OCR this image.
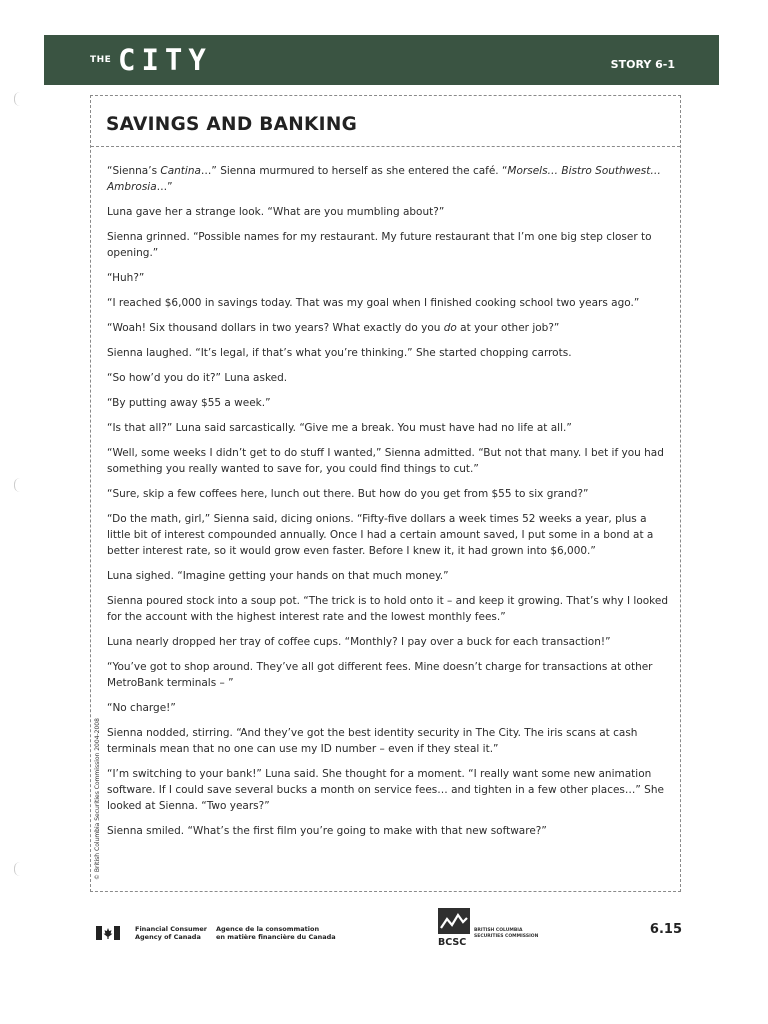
THE CITY	STORY 6-1
SAVINGS AND BANKING

“Sienna’s Cantina…” Sienna murmured to herself as she entered the café. “Morsels… Bistro Southwest… Ambrosia…”

Luna gave her a strange look. “What are you mumbling about?”

Sienna grinned. “Possible names for my restaurant. My future restaurant that I’m one big step closer to opening.”

“Huh?”

“I reached $6,000 in savings today. That was my goal when I finished cooking school two years ago.”

“Woah! Six thousand dollars in two years? What exactly do you do at your other job?”

Sienna laughed. “It’s legal, if that’s what you’re thinking.” She started chopping carrots.

“So how’d you do it?” Luna asked.

“By putting away $55 a week.”

“Is that all?” Luna said sarcastically. “Give me a break. You must have had no life at all.”

“Well, some weeks I didn’t get to do stuff I wanted,” Sienna admitted. “But not that many. I bet if you had something you really wanted to save for, you could find things to cut.”

“Sure, skip a few coffees here, lunch out there. But how do you get from $55 to six grand?”

“Do the math, girl,” Sienna said, dicing onions. “Fifty-five dollars a week times 52 weeks a year, plus a little bit of interest compounded annually. Once I had a certain amount saved, I put some in a bond at a better interest rate, so it would grow even faster. Before I knew it, it had grown into $6,000.”

Luna sighed. “Imagine getting your hands on that much money.”

Sienna poured stock into a soup pot. “The trick is to hold onto it – and keep it growing. That’s why I looked for the account with the highest interest rate and the lowest monthly fees.”

Luna nearly dropped her tray of coffee cups. “Monthly? I pay over a buck for each transaction!”

“You’ve got to shop around. They’ve all got different fees. Mine doesn’t charge for transactions at other MetroBank terminals – ”

“No charge!”

Sienna nodded, stirring. “And they’ve got the best identity security in The City. The iris scans at cash terminals mean that no one can use my ID number – even if they steal it.”

“I’m switching to your bank!” Luna said. She thought for a moment. “I really want some new animation software. If I could save several bucks a month on service fees… and tighten in a few other places…” She looked at Sienna. “Two years?”

Sienna smiled. “What’s the first film you’re going to make with that new software?”

© British Columbia Securities Commission 2004-2008
Financial Consumer
Agency of Canada
Agence de la consommation
en matière financière du Canada	BCSC
BRITISH COLUMBIA
SECURITIES COMMISSION	6.15
